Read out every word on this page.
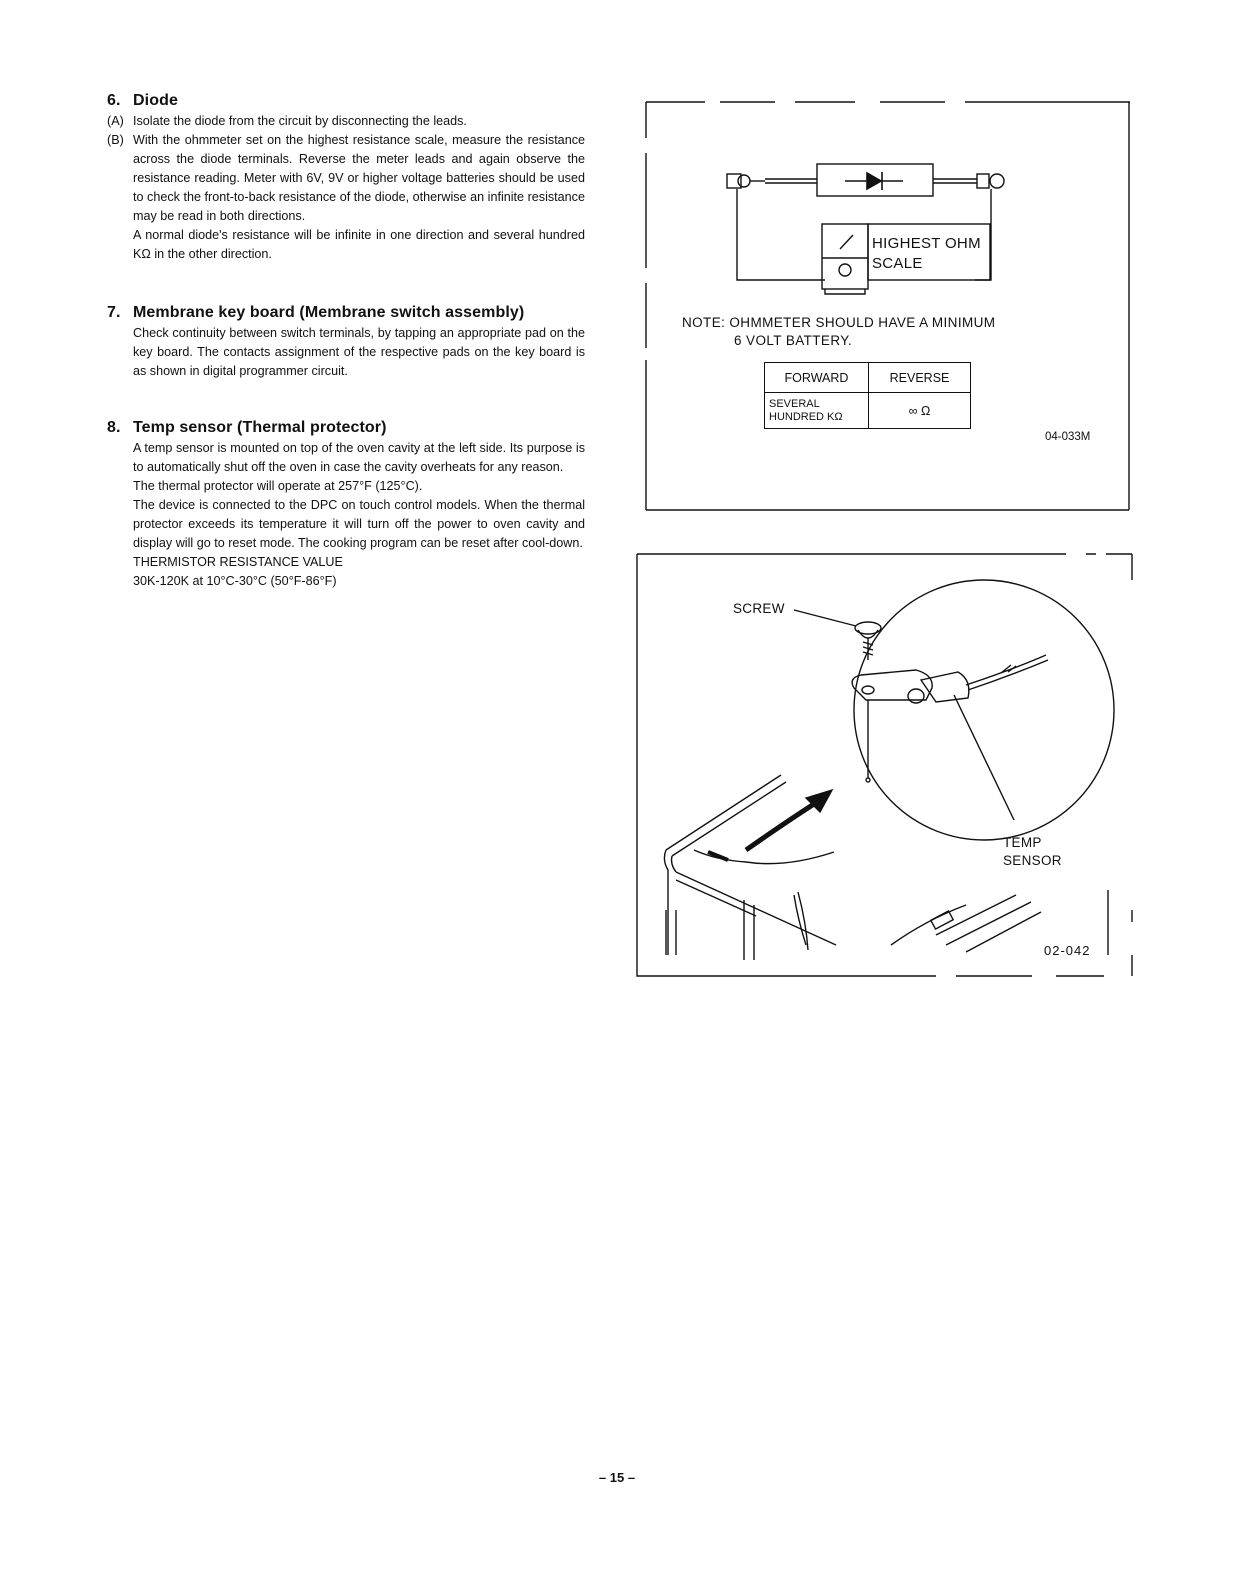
6. Diode
(A) Isolate the diode from the circuit by disconnecting the leads.

(B) With the ohmmeter set on the highest resistance scale, measure the resistance across the diode terminals. Reverse the meter leads and again observe the resistance reading. Meter with 6V, 9V or higher voltage batteries should be used to check the front-to-back resistance of the diode, otherwise an infinite resistance may be read in both directions.

A normal diode's resistance will be infinite in one direction and several hundred KΩ in the other direction.

7. Membrane key board (Membrane switch assembly)

Check continuity between switch terminals, by tapping an appropriate pad on the key board. The contacts assignment of the respective pads on the key board is as shown in digital programmer circuit.

8. Temp sensor (Thermal protector)

A temp sensor is mounted on top of the oven cavity at the left side. Its purpose is to automatically shut off the oven in case the cavity overheats for any reason.

The thermal protector will operate at 257°F (125°C).

The device is connected to the DPC on touch control models. When the thermal protector exceeds its temperature it will turn off the power to oven cavity and display will go to reset mode. The cooking program can be reset after cool-down.

THERMISTOR RESISTANCE VALUE

30K-120K at 10°C-30°C (50°F-86°F)

HIGHEST OHM
SCALE
NOTE: OHMMETER SHOULD HAVE A MINIMUM
6 VOLT BATTERY.
FORWARD	REVERSE

SEVERAL
HUNDRED KΩ	∞ Ω
04-033M
SCREW
TEMP
SENSOR
02-042
– 15 –
